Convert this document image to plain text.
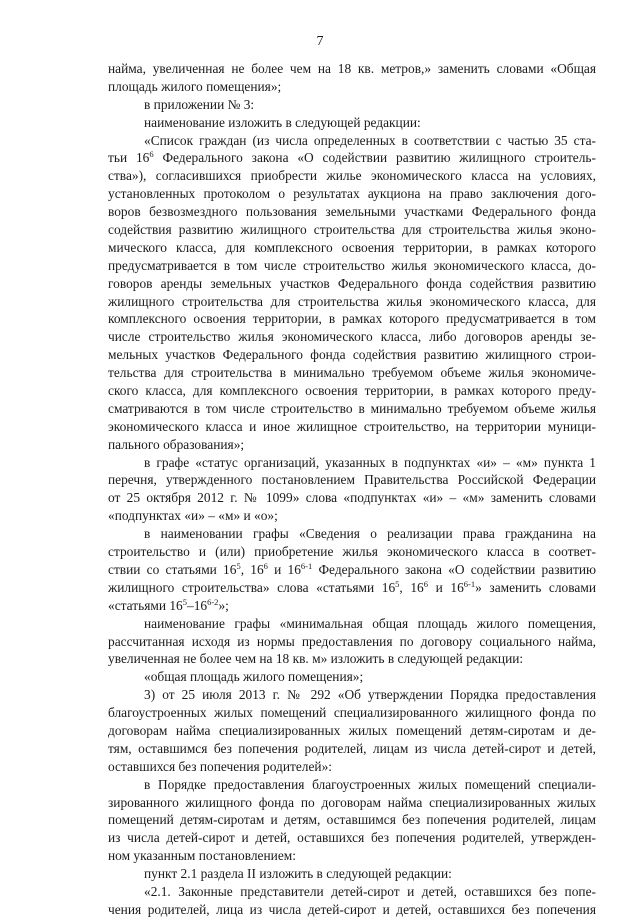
7
найма, увеличенная не более чем на 18 кв. метров,» заменить словами «Общая
площадь жилого помещения»;
в приложении № 3:
наименование изложить в следующей редакции:
«Список граждан (из числа определенных в соответствии с частью 35 ста-
тьи $16^6$ Федерального закона «О содействии развитию жилищного строитель-
ства»), согласившихся приобрести жилье экономического класса на условиях,
установленных протоколом о результатах аукциона на право заключения дого-
воров безвозмездного пользования земельными участками Федерального фонда
содействия развитию жилищного строительства для строительства жилья эконо-
мического класса, для комплексного освоения территории, в рамках которого
предусматривается в том числе строительство жилья экономического класса, до-
говоров аренды земельных участков Федерального фонда содействия развитию
жилищного строительства для строительства жилья экономического класса, для
комплексного освоения территории, в рамках которого предусматривается в том
числе строительство жилья экономического класса, либо договоров аренды зе-
мельных участков Федерального фонда содействия развитию жилищного строи-
тельства для строительства в минимально требуемом объеме жилья экономиче-
ского класса, для комплексного освоения территории, в рамках которого преду-
сматриваются в том числе строительство в минимально требуемом объеме жилья
экономического класса и иное жилищное строительство, на территории муници-
пального образования»;
в графе «статус организаций, указанных в подпунктах «и» – «м» пункта 1
перечня, утвержденного постановлением Правительства Российской Федерации
от 25 октября 2012 г. № 1099» слова «подпунктах «и» – «м» заменить словами
«подпунктах «и» – «м» и «о»;
в наименовании графы «Сведения о реализации права гражданина на
строительство и (или) приобретение жилья экономического класса в соответ-
ствии со статьями $16^5$, $16^6$ и 16$^{6-1}$ Федерального закона «О содействии развитию
жилищного строительства» слова «статьями $16^5$, $16^6$ и 16$^{6-1}$» заменить словами
«статьями $16^5-16^{6-2}$»;
наименование графы «минимальная общая площадь жилого помещения,
рассчитанная исходя из нормы предоставления по договору социального найма,
увеличенная не более чем на 18 кв. м» изложить в следующей редакции:
«общая площадь жилого помещения»;
3) от 25 июля 2013 г. № 292 «Об утверждении Порядка предоставления
благоустроенных жилых помещений специализированного жилищного фонда по
договорам найма специализированных жилых помещений детям-сиротам и де-
тям, оставшимся без попечения родителей, лицам из числа детей-сирот и детей,
оставшихся без попечения родителей»:
в Порядке предоставления благоустроенных жилых помещений специали-
зированного жилищного фонда по договорам найма специализированных жилых
помещений детям-сиротам и детям, оставшимся без попечения родителей, лицам
из числа детей-сирот и детей, оставшихся без попечения родителей, утвержден-
ном указанным постановлением:
пункт 2.1 раздела II изложить в следующей редакции:
«2.1. Законные представители детей-сирот и детей, оставшихся без попе-
чения родителей, лица из числа детей-сирот и детей, оставшихся без попечения
